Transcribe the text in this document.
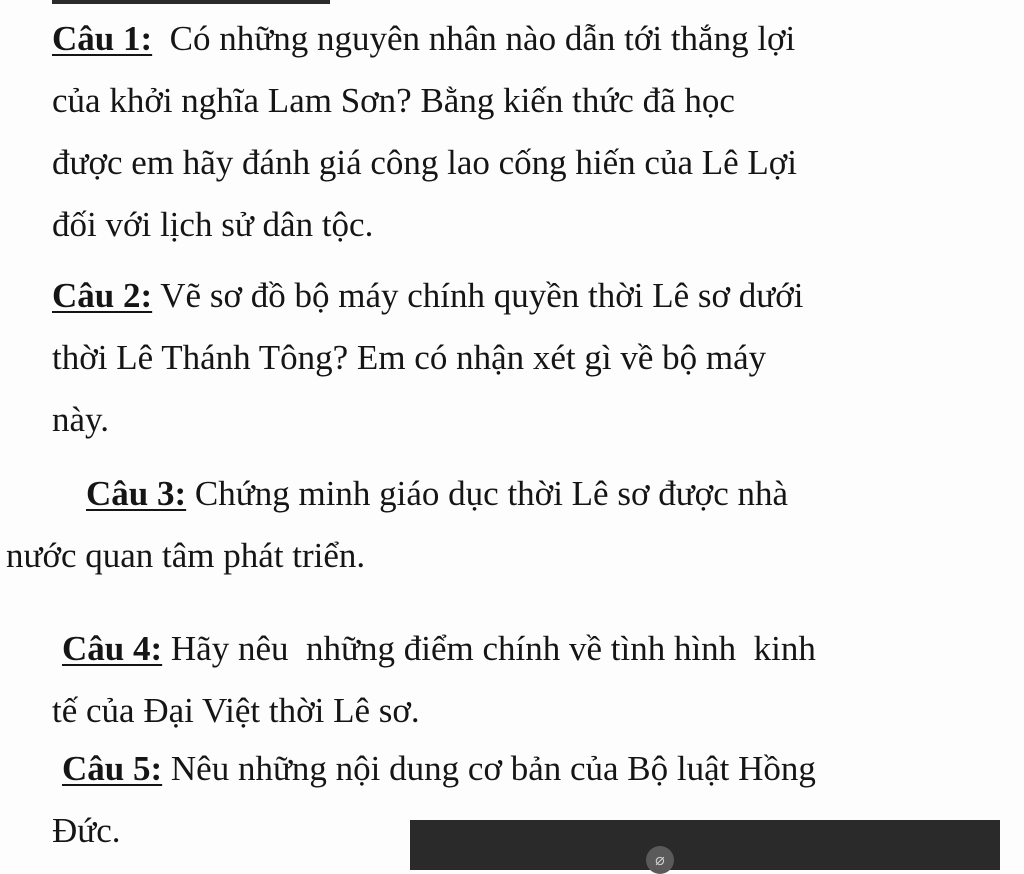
Câu 1:  Có những nguyên nhân nào dẫn tới thắng lợi
của khởi nghĩa Lam Sơn? Bằng kiến thức đã học
được em hãy đánh giá công lao cống hiến của Lê Lợi
đối với lịch sử dân tộc.
Câu 2: Vẽ sơ đồ bộ máy chính quyền thời Lê sơ dưới
thời Lê Thánh Tông? Em có nhận xét gì về bộ máy
này.
Câu 3: Chứng minh giáo dục thời Lê sơ được nhà
nước quan tâm phát triển.
Câu 4: Hãy nêu  những điểm chính về tình hình  kinh
tế của Đại Việt thời Lê sơ.
Câu 5: Nêu những nội dung cơ bản của Bộ luật Hồng
Đức.
⌀
